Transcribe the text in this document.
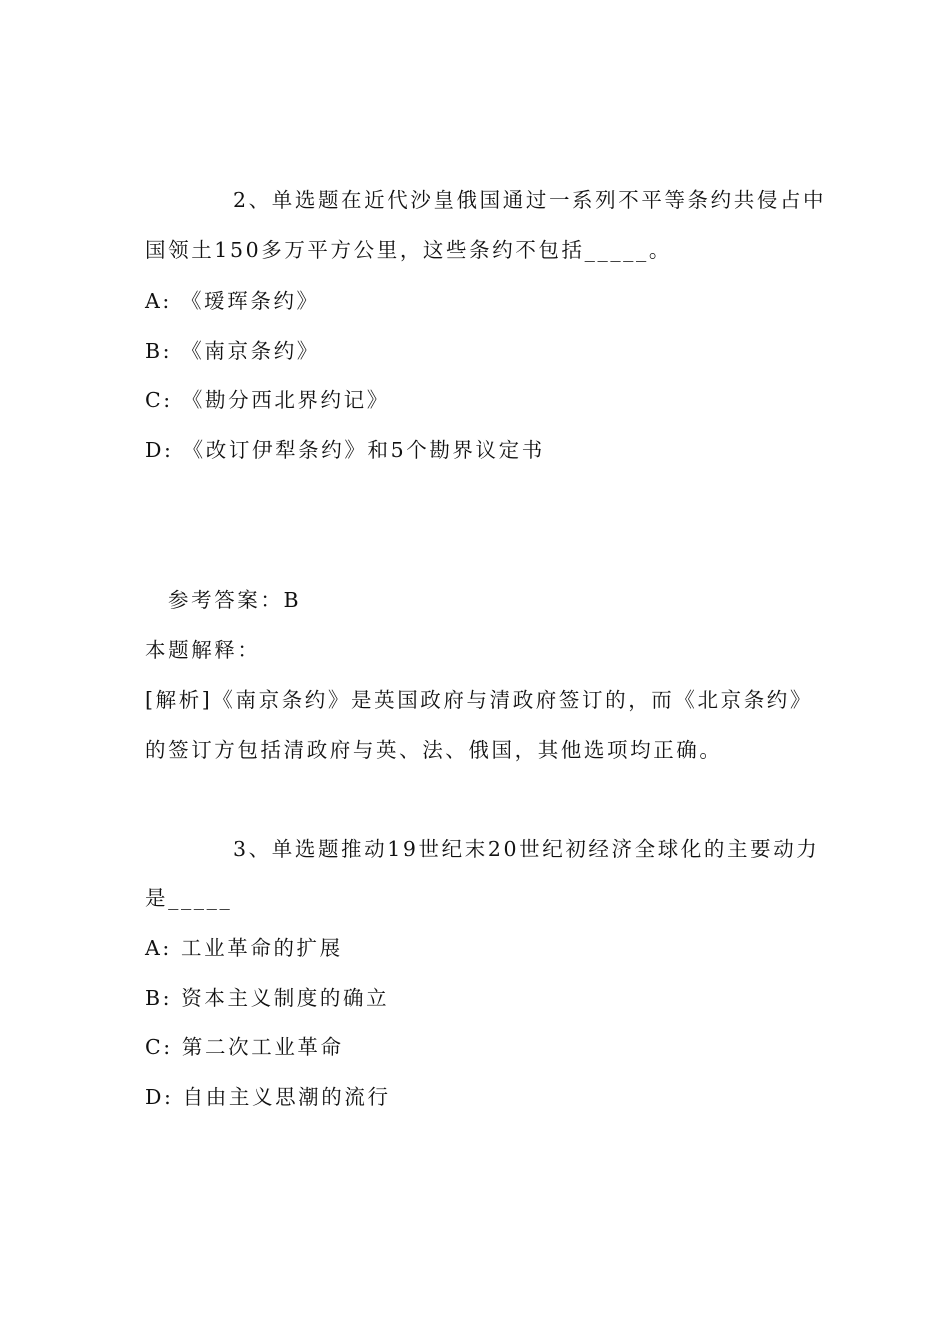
2、单选题在近代沙皇俄国通过一系列不平等条约共侵占中
国领土150多万平方公里，这些条约不包括_____。
A: 《瑷珲条约》
B: 《南京条约》
C: 《勘分西北界约记》
D: 《改订伊犁条约》和5个勘界议定书
参考答案：B
本题解释：
[解析]《南京条约》是英国政府与清政府签订的，而《北京条约》
的签订方包括清政府与英、法、俄国，其他选项均正确。
3、单选题推动19世纪末20世纪初经济全球化的主要动力
是_____
A: 工业革命的扩展
B: 资本主义制度的确立
C: 第二次工业革命
D: 自由主义思潮的流行
